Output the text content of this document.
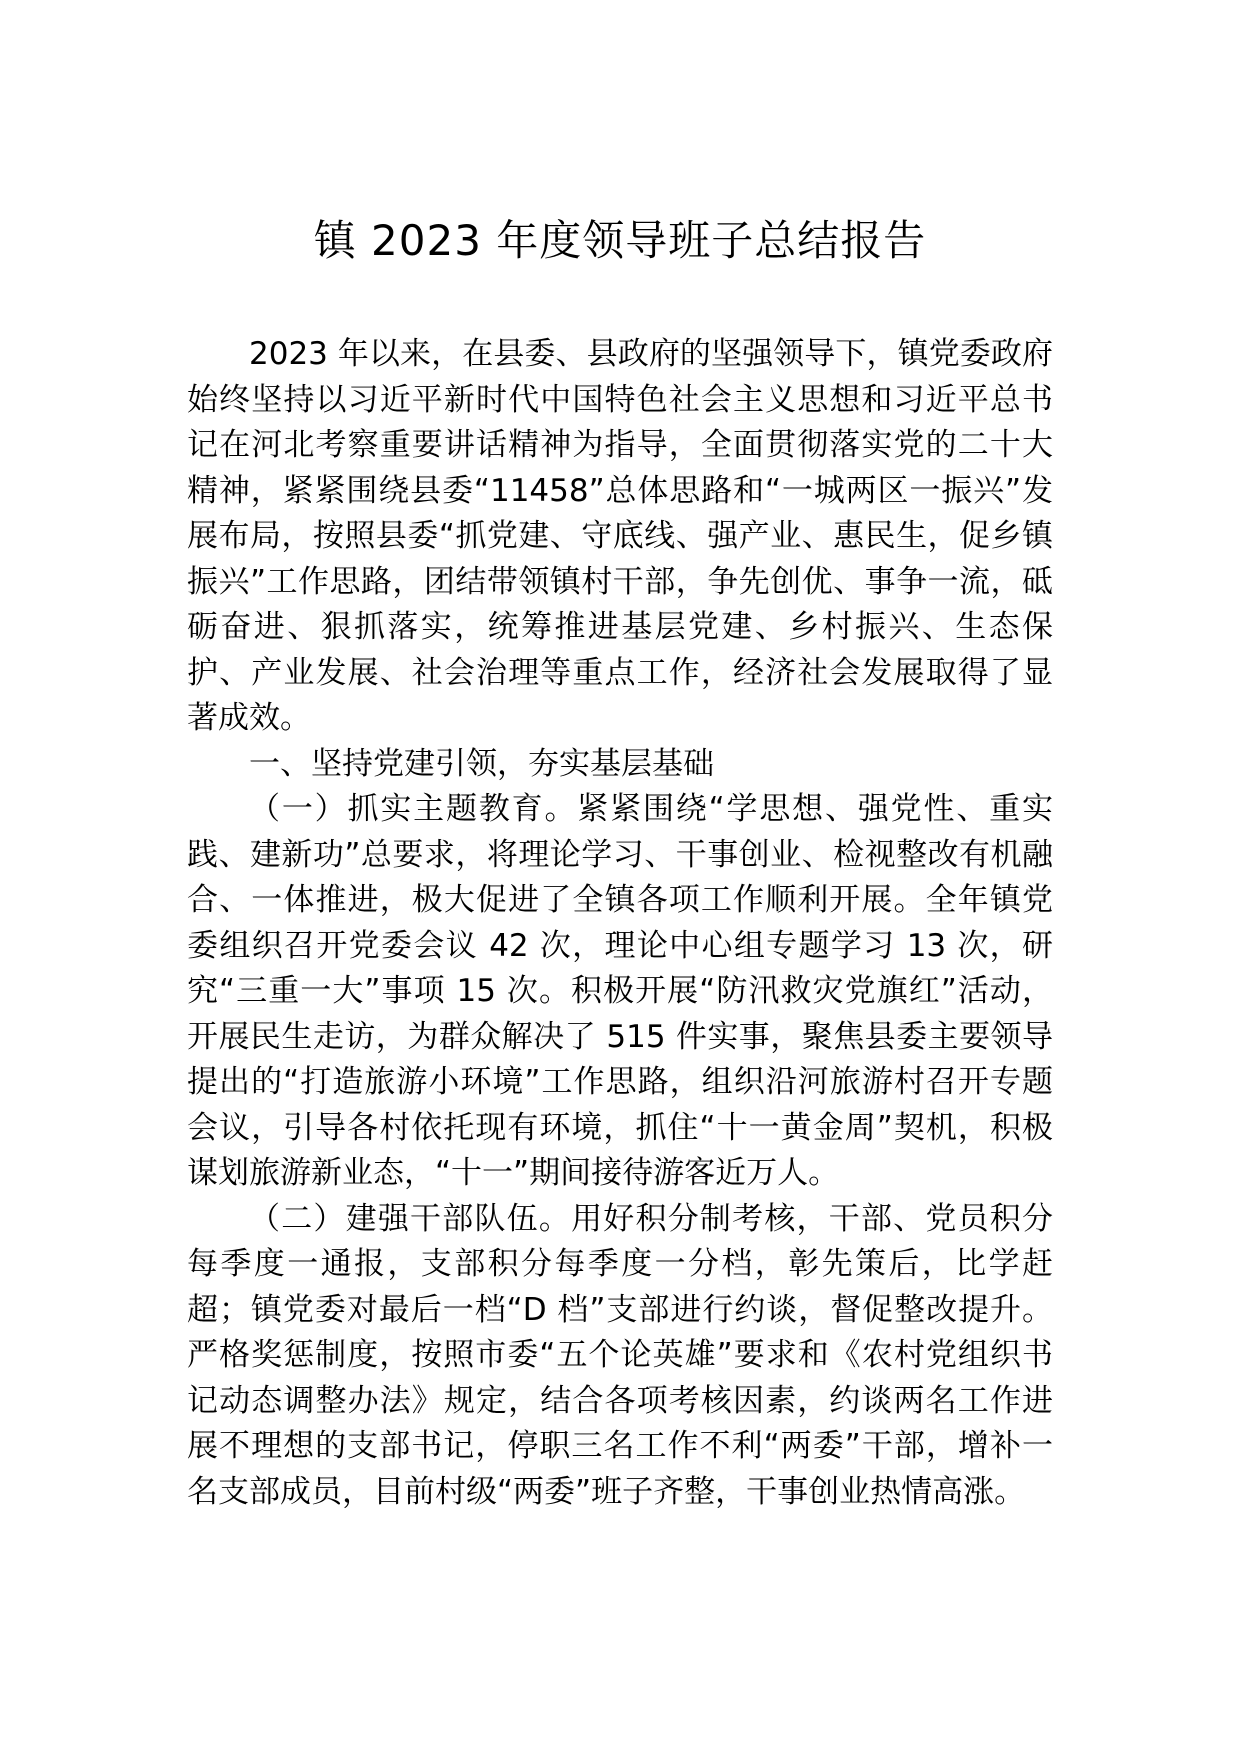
镇 2023 年度领导班子总结报告

2023 年以来，在县委、县政府的坚强领导下，镇党委政府始终坚持以习近平新时代中国特色社会主义思想和习近平总书记在河北考察重要讲话精神为指导，全面贯彻落实党的二十大精神，紧紧围绕县委“11458”总体思路和“一城两区一振兴”发展布局，按照县委“抓党建、守底线、强产业、惠民生，促乡镇振兴”工作思路，团结带领镇村干部，争先创优、事争一流，砥砺奋进、狠抓落实，统筹推进基层党建、乡村振兴、生态保护、产业发展、社会治理等重点工作，经济社会发展取得了显著成效。

一、坚持党建引领，夯实基层基础

（一）抓实主题教育。紧紧围绕“学思想、强党性、重实践、建新功”总要求，将理论学习、干事创业、检视整改有机融合、一体推进，极大促进了全镇各项工作顺利开展。全年镇党委组织召开党委会议 42 次，理论中心组专题学习 13 次，研究“三重一大”事项 15 次。积极开展“防汛救灾党旗红”活动，开展民生走访，为群众解决了 515 件实事，聚焦县委主要领导提出的“打造旅游小环境”工作思路，组织沿河旅游村召开专题会议，引导各村依托现有环境，抓住“十一黄金周”契机，积极谋划旅游新业态，“十一”期间接待游客近万人。

（二）建强干部队伍。用好积分制考核，干部、党员积分每季度一通报，支部积分每季度一分档，彰先策后，比学赶超；镇党委对最后一档“D 档”支部进行约谈，督促整改提升。严格奖惩制度，按照市委“五个论英雄”要求和《农村党组织书记动态调整办法》规定，结合各项考核因素，约谈两名工作进展不理想的支部书记，停职三名工作不利“两委”干部，增补一名支部成员，目前村级“两委”班子齐整，干事创业热情高涨。
